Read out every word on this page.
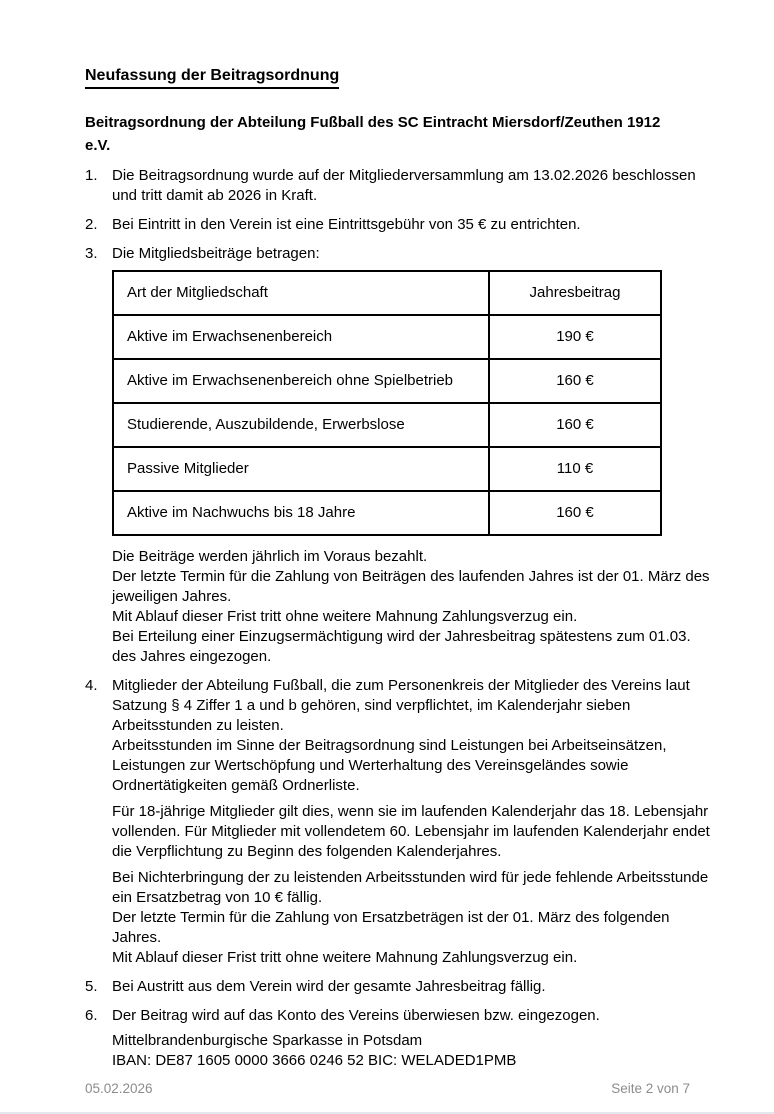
Neufassung der Beitragsordnung
Beitragsordnung der Abteilung Fußball des SC Eintracht Miersdorf/Zeuthen 1912
e.V.
1. Die Beitragsordnung wurde auf der Mitgliederversammlung am 13.02.2026 beschlossen und tritt damit ab 2026 in Kraft.
2. Bei Eintritt in den Verein ist eine Eintrittsgebühr von 35 € zu entrichten.
3. Die Mitgliedsbeiträge betragen:
Art der Mitgliedschaft	Jahresbeitrag
Aktive im Erwachsenenbereich	190 €
Aktive im Erwachsenenbereich ohne Spielbetrieb	160 €
Studierende, Auszubildende, Erwerbslose	160 €
Passive Mitglieder	110 €
Aktive im Nachwuchs bis 18 Jahre	160 €
Die Beiträge werden jährlich im Voraus bezahlt.
Der letzte Termin für die Zahlung von Beiträgen des laufenden Jahres ist der 01. März des jeweiligen Jahres.
Mit Ablauf dieser Frist tritt ohne weitere Mahnung Zahlungsverzug ein.
Bei Erteilung einer Einzugsermächtigung wird der Jahresbeitrag spätestens zum 01.03. des Jahres eingezogen.
4. Mitglieder der Abteilung Fußball, die zum Personenkreis der Mitglieder des Vereins laut Satzung § 4 Ziffer 1 a und b gehören, sind verpflichtet, im Kalenderjahr sieben Arbeitsstunden zu leisten.
Arbeitsstunden im Sinne der Beitragsordnung sind Leistungen bei Arbeitseinsätzen, Leistungen zur Wertschöpfung und Werterhaltung des Vereinsgeländes sowie Ordnertätigkeiten gemäß Ordnerliste.
Für 18-jährige Mitglieder gilt dies, wenn sie im laufenden Kalenderjahr das 18. Lebensjahr vollenden. Für Mitglieder mit vollendetem 60. Lebensjahr im laufenden Kalenderjahr endet die Verpflichtung zu Beginn des folgenden Kalenderjahres.
Bei Nichterbringung der zu leistenden Arbeitsstunden wird für jede fehlende Arbeitsstunde ein Ersatzbetrag von 10 € fällig.
Der letzte Termin für die Zahlung von Ersatzbeträgen ist der 01. März des folgenden Jahres.
Mit Ablauf dieser Frist tritt ohne weitere Mahnung Zahlungsverzug ein.
5. Bei Austritt aus dem Verein wird der gesamte Jahresbeitrag fällig.
6. Der Beitrag wird auf das Konto des Vereins überwiesen bzw. eingezogen.
Mittelbrandenburgische Sparkasse in Potsdam
IBAN: DE87 1605 0000 3666 0246 52 BIC: WELADED1PMB
05.02.2026	Seite 2 von 7
